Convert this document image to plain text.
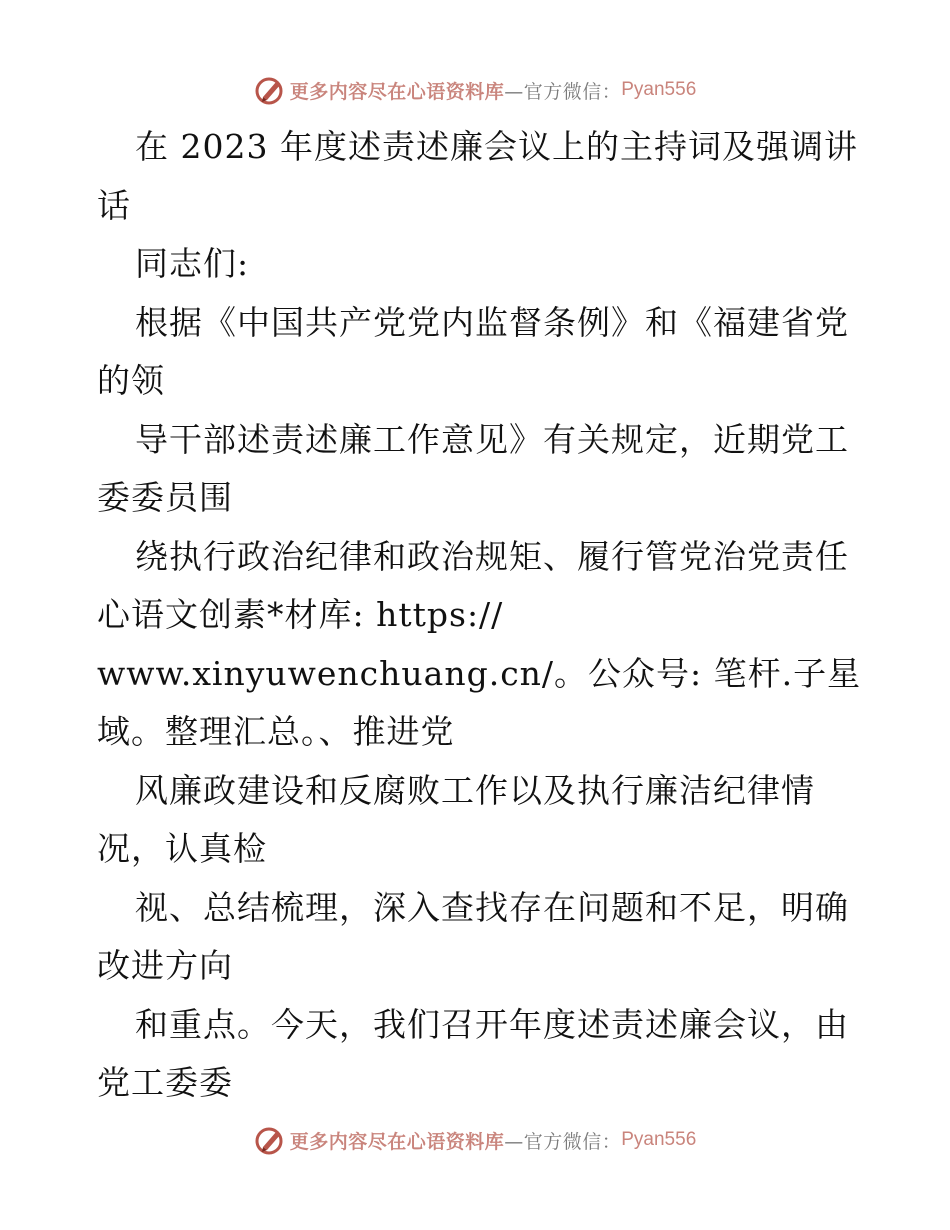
更多内容尽在心语资料库 —官方微信： Pyan556
在 2023 年度述责述廉会议上的主持词及强调讲
话
同志们:
根据《中国共产党党内监督条例》和《福建省党
的领
导干部述责述廉工作意见》有关规定，近期党工
委委员围
绕执行政治纪律和政治规矩、履行管党治党责任
心语文创素*材库: https://
www.xinyuwenchuang.cn/。公众号: 笔杆.子星
域。整理汇总。、推进党
风廉政建设和反腐败工作以及执行廉洁纪律情
况，认真检
视、总结梳理，深入查找存在问题和不足，明确
改进方向
和重点。今天，我们召开年度述责述廉会议，由
党工委委
更多内容尽在心语资料库 —官方微信： Pyan556
